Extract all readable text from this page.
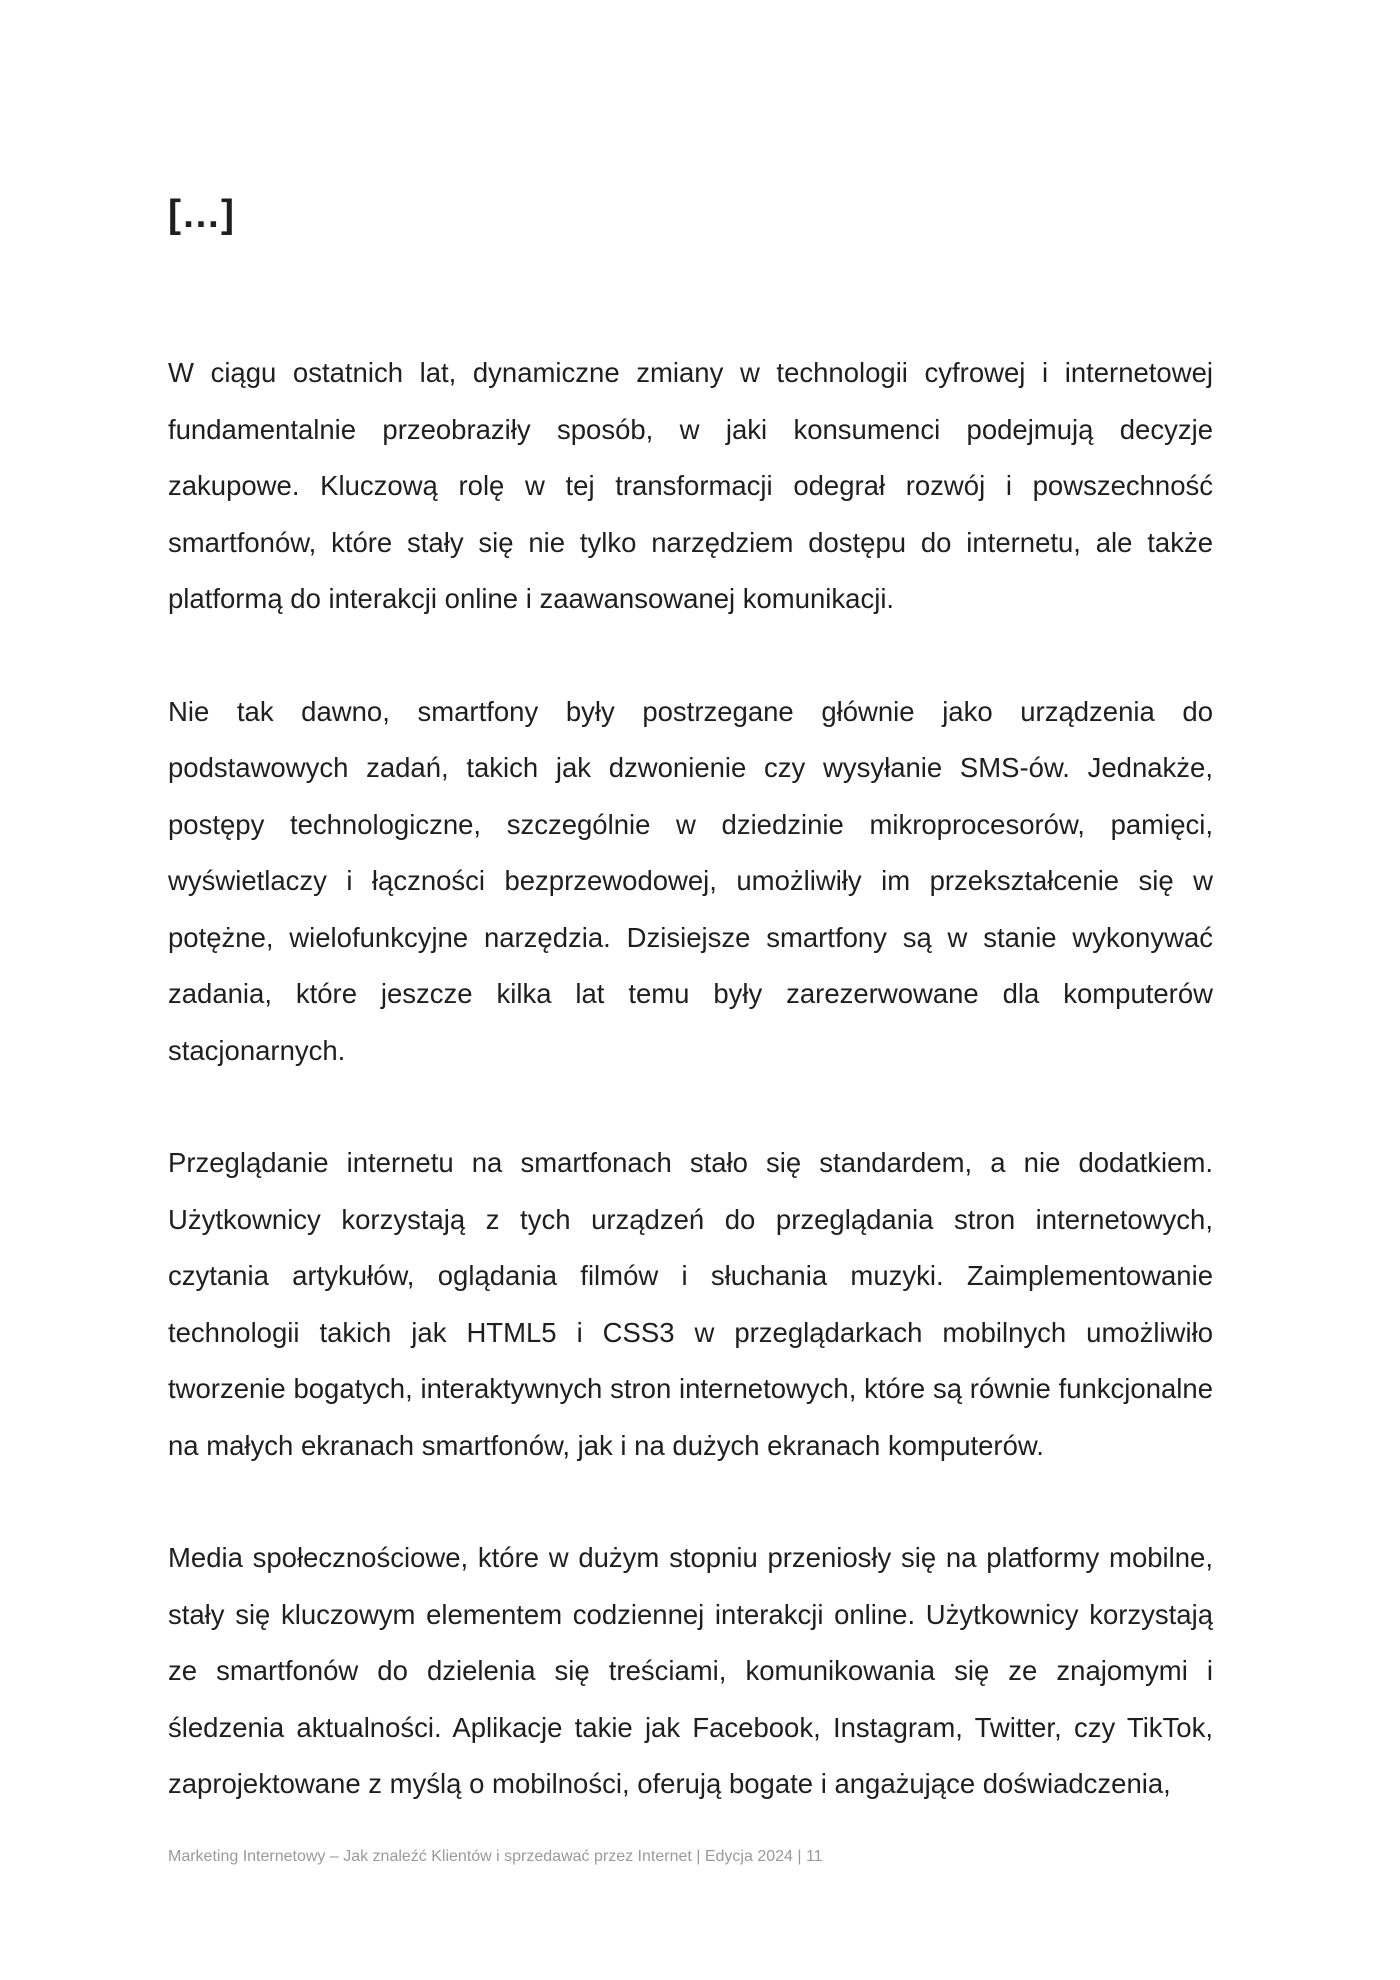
[…]

W ciągu ostatnich lat, dynamiczne zmiany w technologii cyfrowej i internetowej fundamentalnie przeobraziły sposób, w jaki konsumenci podejmują decyzje zakupowe. Kluczową rolę w tej transformacji odegrał rozwój i powszechność smartfonów, które stały się nie tylko narzędziem dostępu do internetu, ale także platformą do interakcji online i zaawansowanej komunikacji.

Nie tak dawno, smartfony były postrzegane głównie jako urządzenia do podstawowych zadań, takich jak dzwonienie czy wysyłanie SMS-ów. Jednakże, postępy technologiczne, szczególnie w dziedzinie mikroprocesorów, pamięci, wyświetlaczy i łączności bezprzewodowej, umożliwiły im przekształcenie się w potężne, wielofunkcyjne narzędzia. Dzisiejsze smartfony są w stanie wykonywać zadania, które jeszcze kilka lat temu były zarezerwowane dla komputerów stacjonarnych.

Przeglądanie internetu na smartfonach stało się standardem, a nie dodatkiem. Użytkownicy korzystają z tych urządzeń do przeglądania stron internetowych, czytania artykułów, oglądania filmów i słuchania muzyki. Zaimplementowanie technologii takich jak HTML5 i CSS3 w przeglądarkach mobilnych umożliwiło tworzenie bogatych, interaktywnych stron internetowych, które są równie funkcjonalne na małych ekranach smartfonów, jak i na dużych ekranach komputerów.

Media społecznościowe, które w dużym stopniu przeniosły się na platformy mobilne, stały się kluczowym elementem codziennej interakcji online. Użytkownicy korzystają ze smartfonów do dzielenia się treściami, komunikowania się ze znajomymi i śledzenia aktualności. Aplikacje takie jak Facebook, Instagram, Twitter, czy TikTok, zaprojektowane z myślą o mobilności, oferują bogate i angażujące doświadczenia,

Marketing Internetowy – Jak znaleźć Klientów i sprzedawać przez Internet | Edycja 2024 | 11
